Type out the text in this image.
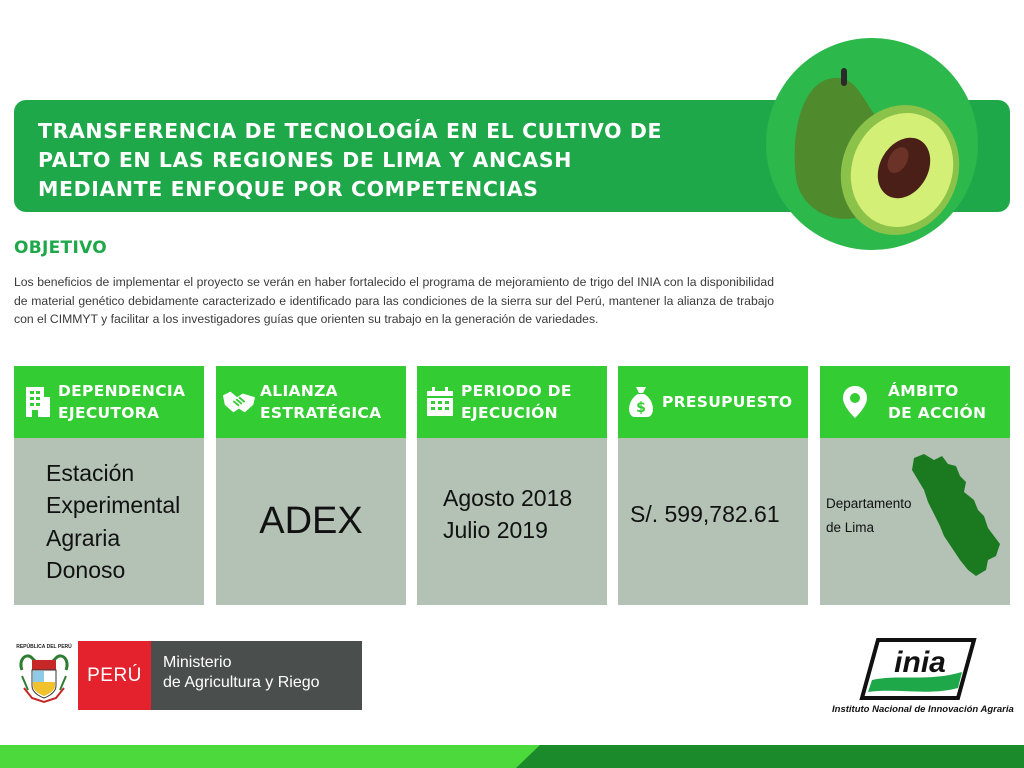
TRANSFERENCIA DE TECNOLOGÍA EN EL CULTIVO DE
PALTO EN LAS REGIONES DE LIMA Y ANCASH
MEDIANTE ENFOQUE POR COMPETENCIAS
OBJETIVO
Los beneficios de implementar el proyecto se verán en haber fortalecido el programa de mejoramiento de trigo del INIA con la disponibilidad de material genético debidamente caracterizado e identificado para las condiciones de la sierra sur del Perú, mantener la alianza de trabajo con el CIMMYT y facilitar a los investigadores guías que orienten su trabajo en la generación de variedades.
DEPENDENCIA
EJECUTORA
Estación
Experimental
Agraria
Donoso
ALIANZA
ESTRATÉGICA
ADEX
PERIODO DE
EJECUCIÓN
Agosto 2018
Julio 2019
$ PRESUPUESTO
S/. 599,782.61
ÁMBITO
DE ACCIÓN
Departamento
de Lima
REPÚBLICA DEL PERÚ
PERÚ
Ministerio
de Agricultura y Riego
inia
Instituto Nacional de Innovación Agraria
